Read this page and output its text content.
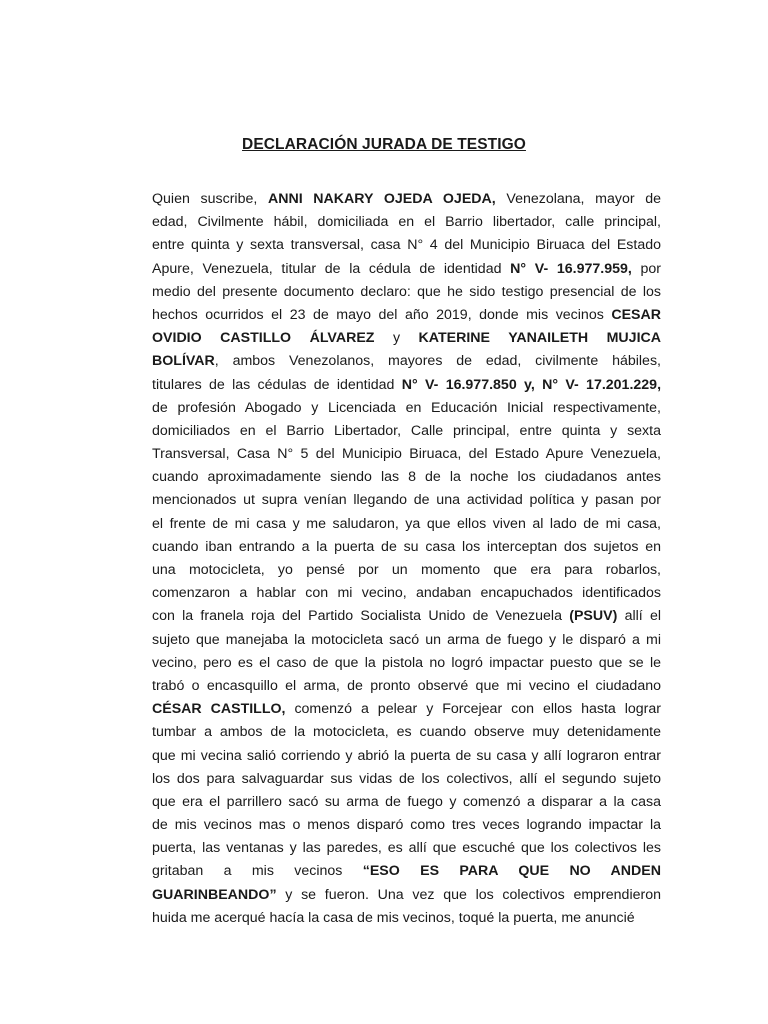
DECLARACIÓN JURADA DE TESTIGO
Quien suscribe, ANNI NAKARY OJEDA OJEDA, Venezolana, mayor de
edad, Civilmente hábil, domiciliada en el Barrio libertador, calle principal,
entre quinta y sexta transversal, casa N° 4 del Municipio Biruaca del Estado
Apure, Venezuela, titular de la cédula de identidad N° V- 16.977.959, por
medio del presente documento declaro: que he sido testigo presencial de los
hechos ocurridos el 23 de mayo del año 2019, donde mis vecinos CESAR
OVIDIO CASTILLO ÁLVAREZ y KATERINE YANAILETH MUJICA
BOLÍVAR, ambos Venezolanos, mayores de edad, civilmente hábiles,
titulares de las cédulas de identidad N° V- 16.977.850 y, N° V- 17.201.229,
de profesión Abogado y Licenciada en Educación Inicial respectivamente,
domiciliados en el Barrio Libertador, Calle principal, entre quinta y sexta
Transversal, Casa N° 5 del Municipio Biruaca, del Estado Apure Venezuela,
cuando aproximadamente siendo las 8 de la noche los ciudadanos antes
mencionados ut supra venían llegando de una actividad política y pasan por
el frente de mi casa y me saludaron, ya que ellos viven al lado de mi casa,
cuando iban entrando a la puerta de su casa los interceptan dos sujetos en
una motocicleta, yo pensé por un momento que era para robarlos,
comenzaron a hablar con mi vecino, andaban encapuchados identificados
con la franela roja del Partido Socialista Unido de Venezuela (PSUV) allí el
sujeto que manejaba la motocicleta sacó un arma de fuego y le disparó a mi
vecino, pero es el caso de que la pistola no logró impactar puesto que se le
trabó o encasquillo el arma, de pronto observé que mi vecino el ciudadano
CÉSAR CASTILLO, comenzó a pelear y Forcejear con ellos hasta lograr
tumbar a ambos de la motocicleta, es cuando observe muy detenidamente
que mi vecina salió corriendo y abrió la puerta de su casa y allí lograron entrar
los dos para salvaguardar sus vidas de los colectivos, allí el segundo sujeto
que era el parrillero sacó su arma de fuego y comenzó a disparar a la casa
de mis vecinos mas o menos disparó como tres veces logrando impactar la
puerta, las ventanas y las paredes, es allí que escuché que los colectivos les
gritaban a mis vecinos “ESO ES PARA QUE NO ANDEN
GUARINBEANDO” y se fueron. Una vez que los colectivos emprendieron
huida me acerqué hacía la casa de mis vecinos, toqué la puerta, me anuncié
